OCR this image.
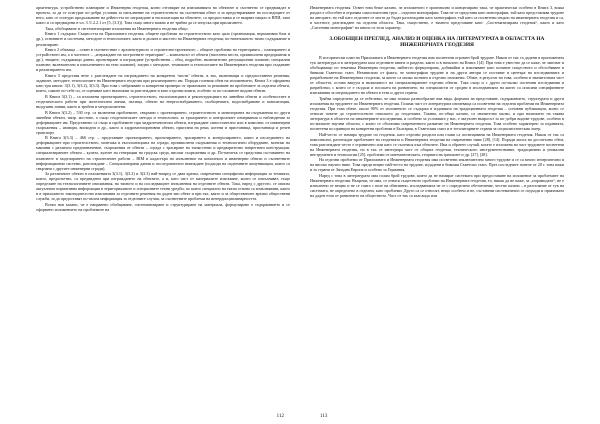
архитектура, устройствено планиране и Инженерна геодезия, които отговарят на изискванията на обектите и съответно се предвиждат в проекта, за да се осигурят по-добри условия за изпълнение на строителството на съответния обект и за предотвратяване на последиците от него, като се осигури продължаване на дейността по изграждане и експлоатация на обектите, са предпоставка и се вкарват изцяло в ВПИ, така както и са предвидени в чл. 3 /1.2.2.1 от [5, (3.3)]. Това също много важно и не трябва да се изпуска при прилагането.

Така, обобщаваме и систематизираме изложения на Инженерната геодезия общо:

Книга 1 съдържа: Същността на Приложната геодезия; общите проблеми на строителството като цяло (организация, нормативна база и др.), основните и системни, методите и технологиите, както и ролята и мястото на Инженерната геодезия; по-нататъшното тяхно съдържание и реализиране.

Книга 2 обхваща – освен в съответствие с архитектурното и строително-проектното – общите проблеми на територията – планирането и устройството им, а в частност – „изграждане на застроените територии“ – комплексът от обекти (населени места, промишлени предприятия и др.), знаците, съдържащи данни, проектиране и изграждане (устройствени – общ, подробен, включително регулационни планове; специални планове; включително и изпълнението на тези планове), заедно с методите, техниките и технологиите на Инженерната геодезия при създаване и реализирането им.

Книга 3 представя вече с разглеждане на изграждането на конкретни ‘чисти’ обекти, в тях, включващи и предпоставени решения, задачите, методите, технологиите на Инженерната геодезия при реализирането им. Поради големия обем на изложението, Книга 3 е оформена като три книги: 3(3.1), 3(3.2), 3(3.3). При това с изброяване и конкретни примери от практиката за решаване на проблемите за отделни обекти, които, самите по-себе си, се оценяват като възможни за разглеждане и като отделни книги, особено за по-сложните видове обекти.

В Книга 3(3.1) – са изложени проектирането, строителството, експлоатацията и реконструкцията на линейни обекти и особеностите в геодезическото работи при железопътни линии, пътища, обекти на енергоснабдяването, съобщенията, водоснабдяване и канализация, въздушни линии, както и тръбни и метрополитени.

В Книга 3(3.2) – 530 стр. са включени проблемите, свързани с проектирането, строителството и мониторинга на съоръжения по други линейни обекти, напр. мостове, а също геодезическите методи и технологии, за трасирането и контролните измервания и наблюдения за деформациите им. Представено са също и проблемите при хидротехнически обекти, изграждане самостоятелно или в комплекс от инженерни съоръжения – язовири, вискодни и др., както и хидромелиоративни обекти, пристани на реки, яхтени и пристанища, пристанища и речен транспорт.

В Книга 3(3.3) – 466 стр. – представяне проектирането, проектирането, трасирането и контролирането, както и изследването на деформациите при строителството, монтажа и експлоатацията на сгради, промишлени съоръжения и технологично оборудване, монтаж на машини с различно предназначение, съоръжения от обекти – сграда с трасиране на тънкостени и предварително напрегнати конструкции, специализираните обекти – кулата, кулите на генерации на градска среда, високи съоръжения и др. По-нататък се представя съставянето на плановете и моделирането на строителните работи – BIM и кадастъра на изпълнение на комплекси и инженерни обекти и съответните информационни системи, разглеждане – Специализирани данни и последователно въвеждане (подходи на подземните комуникации, които са свързани с другите инженерни сгради).

За различните обекти в изложенията 3(3.1), 3(3.2) и 3(3.3) най-напред се дава кратка, съвременна специфична информация за технията, които, предпочетно, са предвидени при изграждането на обектите, а и, като част от материалите изискване, които се изпълняват, също определяне на технологичните изисквания, на тяхното и на последващите изпълнения на отделните обекти. Така, наред с другото, се описва актуалната нормативна информация в териториалните и специалните техни уредби, по които специално на тяхна основа са изпълнявани, както и в приложното законодателство изисквания за отделните решения на даден тип обект и при тях, както и за обществените връзки обществени служби, за да предоставят по-пълна информация за отделните случаи, за съответните проблеми на интердисциплинарността.

Всеки нов казано, че е направено обобщаване, систематизиране и структуриране на материала, формулирано е съдържанието и се оформено изложението на проблемите на

112

Инженерната геодезия. Освен това беше казано, че изложеното е оригинално и концепирано така, че практически особено в Книга 3, всяка раздел е обособен и отразява самостоятелни груп – отделни монографии. Това не се представя като монографии, тъй като представлява трудове на авторите, но тъй като отделите се могат да бъдат разглеждани като монографии, тъй като са посветени изцяло на инженерната геодезия и са, в частност, разглеждане на отделни области. Така, съществено, е тяхното представяне като: „Систематизирана геодезия“, както и като „Системни монографии“ на книги от този характер.

3.ОБОБЩЕН ПРЕГЛЕД, АНАЛИЗ И ОЦЕНКА НА ЛИТЕРАТУРАТА В ОБЛАСТТА НА ИНЖЕНЕРНАТА ГЕОДЕЗИЯ

В исторически план на Приложната и Инженерната геодезия има посветени огромен брой трудове. Някои от тях са дадени в приложената тук литература и в литературата към отделните книги и раздели, както и в началото на Книга 1[4]. При това е уместно да се каже, че липсват и обобщаващи по тематика Инженерна геодезия, найчесто формулирана, добивайки и изясняване като понятие съществото и обособяване в бившия Съветски съюз. Независимо от факта, че монографии трудове и на други автори се поставят в центъра на изследванията и разработките на Инженерната геодезия, за които са малко познати и отделно изложени. Обаче, в резултат на това, особено в значителната част от областта, остава вакуум и възможност на специализираните отделни обекти. Така също и с други по-малко системни изследвания и разработки, с които се е създала и посоката на развитието, на специалисти от сродни в изследванията на които са описани специфичните изисквания за изграждането на обекти в тези и други страни.

Трябва определено да се отбележи, че има голямо разнообразие във вида, формата на представяне, съдържанието, структурата и други изложения на трудовете по Инженерната геодезия. Голяма част от литературата изпитваща са посветени на отделни проблеми на Инженерната геодезия. При това обаче, около 90% от изложеното се съдържа в изданията на традиционната геодезия – основни публикации, които се отнасят повече до строителството отколкото до геодезията. Такива, по-общо казано, са значително малко, и при наличието на такава литература в областта на инженерните изследвания, и особено за условията у нас, е актуален въпросът за по-добри видове трудове, особено в по-малките научни области, с които се обогатява съвременното развитие на Инженерната геодезия. Това особено характерно за изданията, посветени по принцип на конкретни проблеми в България, в Съветския съюз и в тоталитарните страни за социалистическия лагер.

Най-често се намира трудове по геодезия, като отделни раздели или глави са посвещавани на Инженерната геодезия. Някои от тях са комплексни, разглеждат проблемите на геодезията и Инженерната геодезия на съвременно ниво [28], [14]. Поради липса на достатъчно обем, това разглеждане често е ограничено или като се съотнася към обектите. Има и обратен случай, когато е изложена на част трудовете посветени на Инженерната геодезия, но в тях се интегрира част от общата геодезия, техническото инструментознание, традиционни и уникални инструменти и технологии [25], проблеми от математическата, теорията на грешките и др. [27], [28].

На отделни проблеми от Приложната и Инженерната геодезия има посветени изключително много трудове и се са много изчерпателни и на високо научно ниво. Това преди вещно най-често на трудове, издадени в бившия Съветски съюз. През последните повече от 20 г. това важи и за страни от Западна Европа и особено за Германия.

Наред с това в литературата има голям брой трудове, които да не намират системата при предоставяне на изложение за проблемите на Инженерната геодезия. Въпреки, че има, се отнася съществото проблеми на Инженерната геодезия, то, никак да не каже, за „пирамидата“, не е изпълнено от вещно и не се счита с поле на обективно, изследванията че се с определено обезпечение, честно казано – в разстояние от тук на системата, не определено в отделни, като проблеми. Друго са се относят, нещо особено и не, съставени систематично се подходи и практиката на даден етап от развитието на обществото. Част от тях са към вида или

113
